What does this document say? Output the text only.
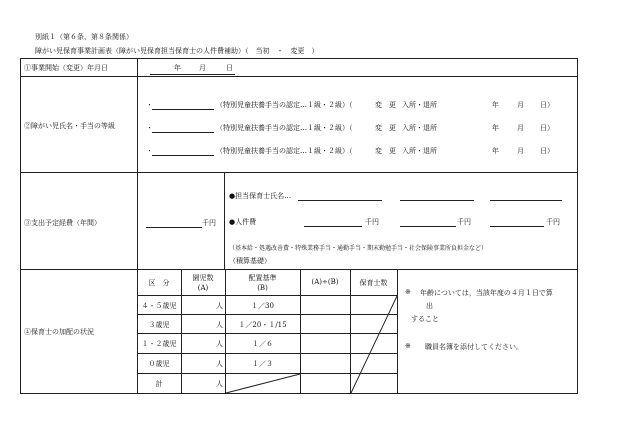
別紙１（第６条、第８条関係）
障がい児保育事業計画表（障がい児保育担当保育士の人件費補助）（　当初　・　変更　）
①事業開始（変更）年月日	年	月	日
②障がい児氏名・手当の等級
・	（特別児童扶養手当の認定…１級・２級）（	変　更 入所・退所	年	月 日）
・	（特別児童扶養手当の認定…１級・２級）（	変　更 入所・退所	年	月 日）
・	（特別児童扶養手当の認定…１級・２級）（	変　更 入所・退所	年	月 日）
③支出予定経費（年間）	千円
●担当保育士氏名…
●人件費	千円	千円	千円
（基本給・処遇改善費・特殊業務手当・通勤手当・期末勤勉手当・社会保険事業所負担金など）
（積算基礎）
④保育士の加配の状況
区　分
園児数
(A)
配置基準
(B)
(A)÷(B)	保育士数
４・５歳児	人	１／30
３歳児	人	１／20・１/15
１・２歳児	人	１／６
０歳児	人	１／３
計	人
※ 年齢については，当該年度の４月１日で算
出
すること
※ 職員名簿を添付してください。
